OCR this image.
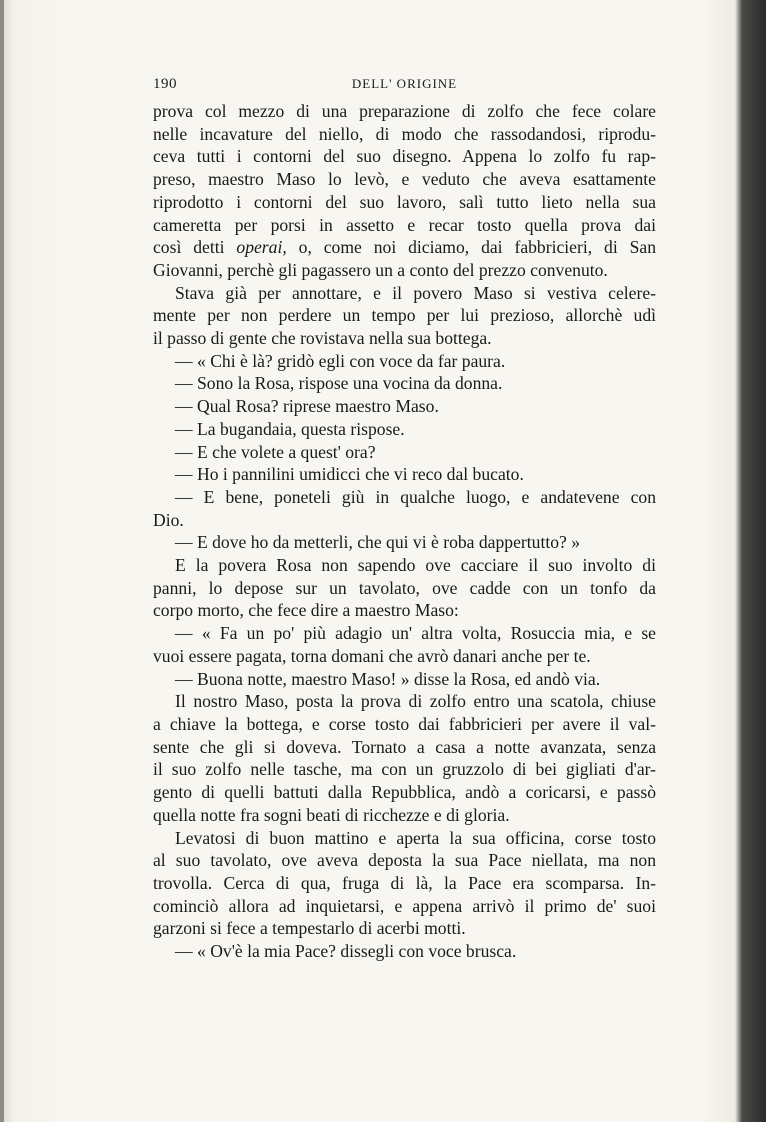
190	DELL' ORIGINE

prova col mezzo di una preparazione di zolfo che fece colare

nelle incavature del niello, di modo che rassodandosi, riprodu-

ceva tutti i contorni del suo disegno. Appena lo zolfo fu rap-

preso, maestro Maso lo levò, e veduto che aveva esattamente

riprodotto i contorni del suo lavoro, salì tutto lieto nella sua

cameretta per porsi in assetto e recar tosto quella prova dai

così detti operai, o, come noi diciamo, dai fabbricieri, di San

Giovanni, perchè gli pagassero un a conto del prezzo convenuto.

Stava già per annottare, e il povero Maso si vestiva celere-

mente per non perdere un tempo per lui prezioso, allorchè udì

il passo di gente che rovistava nella sua bottega.

— « Chi è là? gridò egli con voce da far paura.

— Sono la Rosa, rispose una vocina da donna.

— Qual Rosa? riprese maestro Maso.

— La bugandaia, questa rispose.

— E che volete a quest' ora?

— Ho i pannilini umidicci che vi reco dal bucato.

— E bene, poneteli giù in qualche luogo, e andatevene con

Dio.

— E dove ho da metterli, che qui vi è roba dappertutto? »

E la povera Rosa non sapendo ove cacciare il suo involto di

panni, lo depose sur un tavolato, ove cadde con un tonfo da

corpo morto, che fece dire a maestro Maso:

— « Fa un po' più adagio un' altra volta, Rosuccia mia, e se

vuoi essere pagata, torna domani che avrò danari anche per te.

— Buona notte, maestro Maso! » disse la Rosa, ed andò via.

Il nostro Maso, posta la prova di zolfo entro una scatola, chiuse

a chiave la bottega, e corse tosto dai fabbricieri per avere il val-

sente che gli si doveva. Tornato a casa a notte avanzata, senza

il suo zolfo nelle tasche, ma con un gruzzolo di bei gigliati d'ar-

gento di quelli battuti dalla Repubblica, andò a coricarsi, e passò

quella notte fra sogni beati di ricchezze e di gloria.

Levatosi di buon mattino e aperta la sua officina, corse tosto

al suo tavolato, ove aveva deposta la sua Pace niellata, ma non

trovolla. Cerca di qua, fruga di là, la Pace era scomparsa. In-

cominciò allora ad inquietarsi, e appena arrivò il primo de' suoi

garzoni si fece a tempestarlo di acerbi motti.

— « Ov'è la mia Pace? dissegli con voce brusca.
